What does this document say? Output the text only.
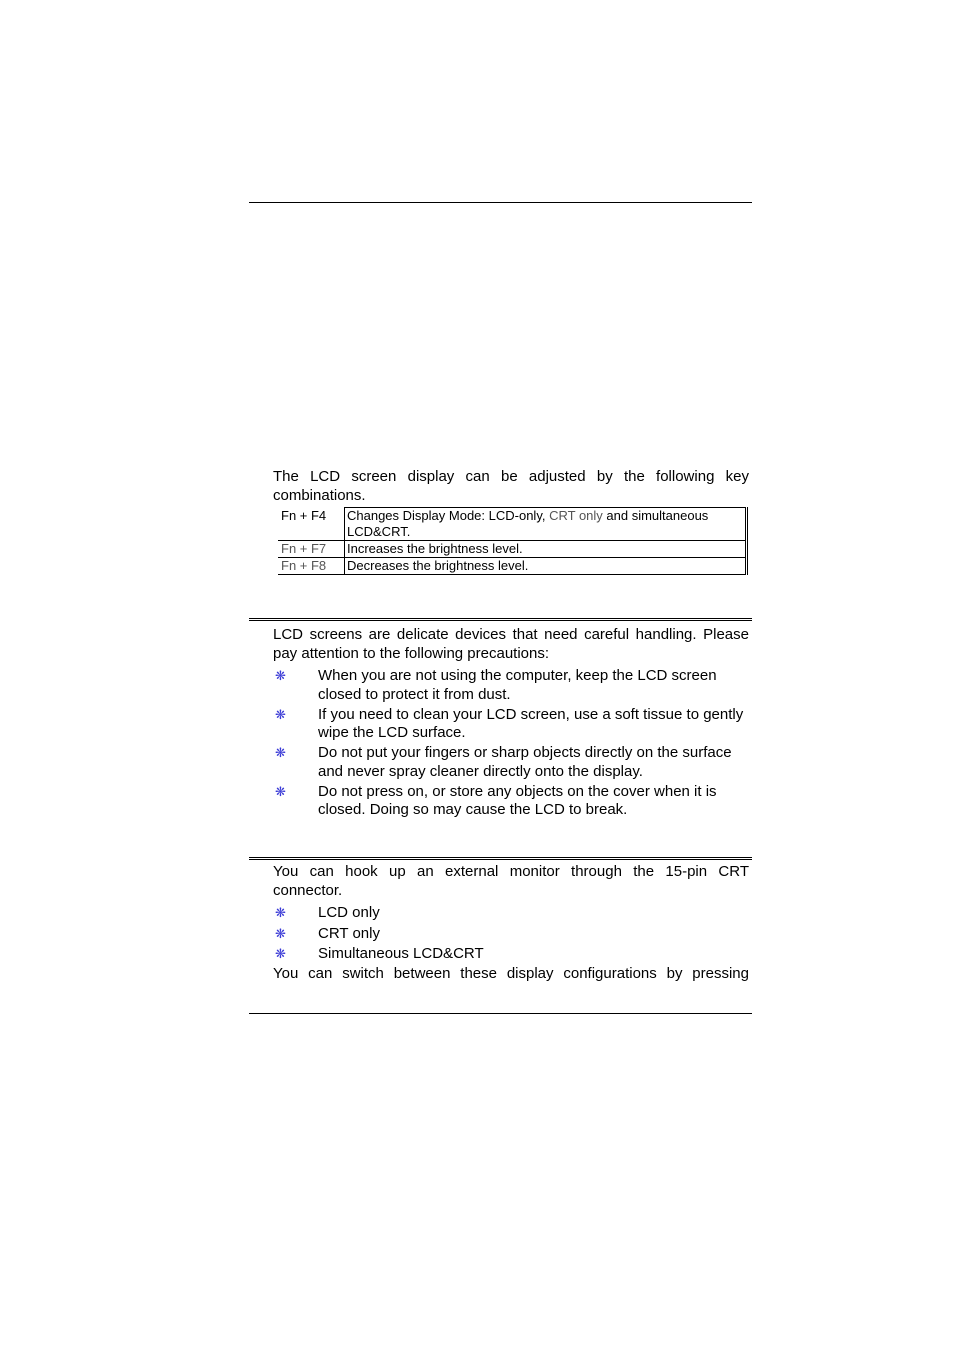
The LCD screen display can be adjusted by the following key combinations.

Fn + F4	Changes Display Mode: LCD-only, CRT only and simultaneous LCD&CRT.
Fn + F7	Increases the brightness level.
Fn + F8	Decreases the brightness level.

LCD screens are delicate devices that need careful handling. Please pay attention to the following precautions:

❋ When you are not using the computer, keep the LCD screen closed to protect it from dust.
❋ If you need to clean your LCD screen, use a soft tissue to gently wipe the LCD surface.
❋ Do not put your fingers or sharp objects directly on the surface and never spray cleaner directly onto the display.
❋ Do not press on, or store any objects on the cover when it is closed. Doing so may cause the LCD to break.

You can hook up an external monitor through the 15-pin CRT connector.

❋ LCD only
❋ CRT only
❋ Simultaneous LCD&CRT

You can switch between these display configurations by pressing
